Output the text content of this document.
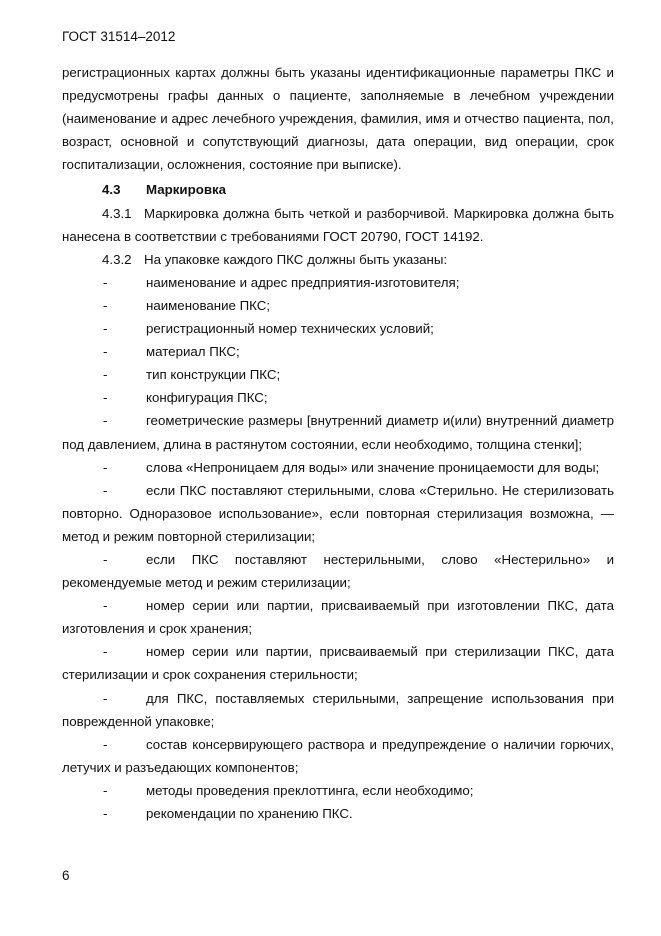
ГОСТ 31514–2012

регистрационных картах должны быть указаны идентификационные параметры ПКС и предусмотрены графы данных о пациенте, заполняемые в лечебном учреждении (наименование и адрес лечебного учреждения, фамилия, имя и отчество пациента, пол, возраст, основной и сопутствующий диагнозы, дата операции, вид операции, срок госпитализации, осложнения, состояние при выписке).

4.3 Маркировка

4.3.1 Маркировка должна быть четкой и разборчивой. Маркировка должна быть нанесена в соответствии с требованиями ГОСТ 20790, ГОСТ 14192.

4.3.2 На упаковке каждого ПКС должны быть указаны:

-	наименование и адрес предприятия-изготовителя;
-	наименование ПКС;
-	регистрационный номер технических условий;
-	материал ПКС;
-	тип конструкции ПКС;
-	конфигурация ПКС;
-	геометрические размеры [внутренний диаметр и(или) внутренний диаметр под давлением, длина в растянутом состоянии, если необходимо, толщина стенки];
-	слова «Непроницаем для воды» или значение проницаемости для воды;
-	если ПКС поставляют стерильными, слова «Стерильно. Не стерилизовать повторно. Одноразовое использование», если повторная стерилизация возможна, — метод и режим повторной стерилизации;
-	если ПКС поставляют нестерильными, слово «Нестерильно» и рекомендуемые метод и режим стерилизации;
-	номер серии или партии, присваиваемый при изготовлении ПКС, дата изготовления и срок хранения;
-	номер серии или партии, присваиваемый при стерилизации ПКС, дата стерилизации и срок сохранения стерильности;
-	для ПКС, поставляемых стерильными, запрещение использования при поврежденной упаковке;
-	состав консервирующего раствора и предупреждение о наличии горючих, летучих и разъедающих компонентов;
-	методы проведения преклоттинга, если необходимо;
-	рекомендации по хранению ПКС.
6
